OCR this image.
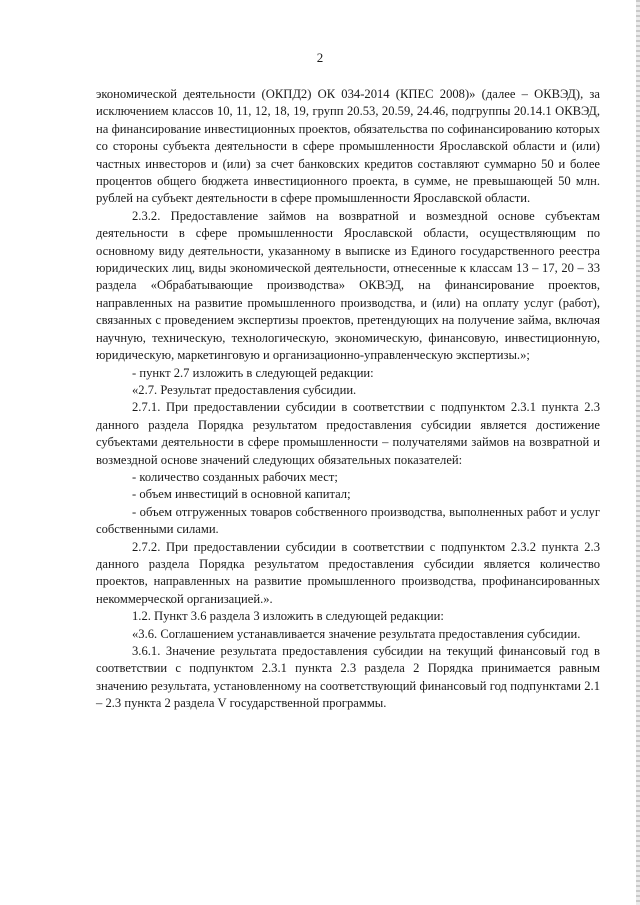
2

экономической деятельности (ОКПД2) ОК 034-2014 (КПЕС 2008)» (далее – ОКВЭД), за исключением классов 10, 11, 12, 18, 19, групп 20.53, 20.59, 24.46, подгруппы 20.14.1 ОКВЭД, на финансирование инвестиционных проектов, обязательства по софинансированию которых со стороны субъекта деятельности в сфере промышленности Ярославской области и (или) частных инвесторов и (или) за счет банковских кредитов составляют суммарно 50 и более процентов общего бюджета инвестиционного проекта, в сумме, не превышающей 50 млн. рублей на субъект деятельности в сфере промышленности Ярославской области.

2.3.2. Предоставление займов на возвратной и возмездной основе субъектам деятельности в сфере промышленности Ярославской области, осуществляющим по основному виду деятельности, указанному в выписке из Единого государственного реестра юридических лиц, виды экономической деятельности, отнесенные к классам 13 – 17, 20 – 33 раздела «Обрабатывающие производства» ОКВЭД, на финансирование проектов, направленных на развитие промышленного производства, и (или) на оплату услуг (работ), связанных с проведением экспертизы проектов, претендующих на получение займа, включая научную, техническую, технологическую, экономическую, финансовую, инвестиционную, юридическую, маркетинговую и организационно-управленческую экспертизы.»;

- пункт 2.7 изложить в следующей редакции:

«2.7. Результат предоставления субсидии.

2.7.1. При предоставлении субсидии в соответствии с подпунктом 2.3.1 пункта 2.3 данного раздела Порядка результатом предоставления субсидии является достижение субъектами деятельности в сфере промышленности – получателями займов на возвратной и возмездной основе значений следующих обязательных показателей:

- количество созданных рабочих мест;

- объем инвестиций в основной капитал;

- объем отгруженных товаров собственного производства, выполненных работ и услуг собственными силами.

2.7.2. При предоставлении субсидии в соответствии с подпунктом 2.3.2 пункта 2.3 данного раздела Порядка результатом предоставления субсидии является количество проектов, направленных на развитие промышленного производства, профинансированных некоммерческой организацией.».

1.2. Пункт 3.6 раздела 3 изложить в следующей редакции:

«3.6. Соглашением устанавливается значение результата предоставления субсидии.

3.6.1. Значение результата предоставления субсидии на текущий финансовый год в соответствии с подпунктом 2.3.1 пункта 2.3 раздела 2 Порядка принимается равным значению результата, установленному на соответствующий финансовый год подпунктами 2.1 – 2.3 пункта 2 раздела V государственной программы.
